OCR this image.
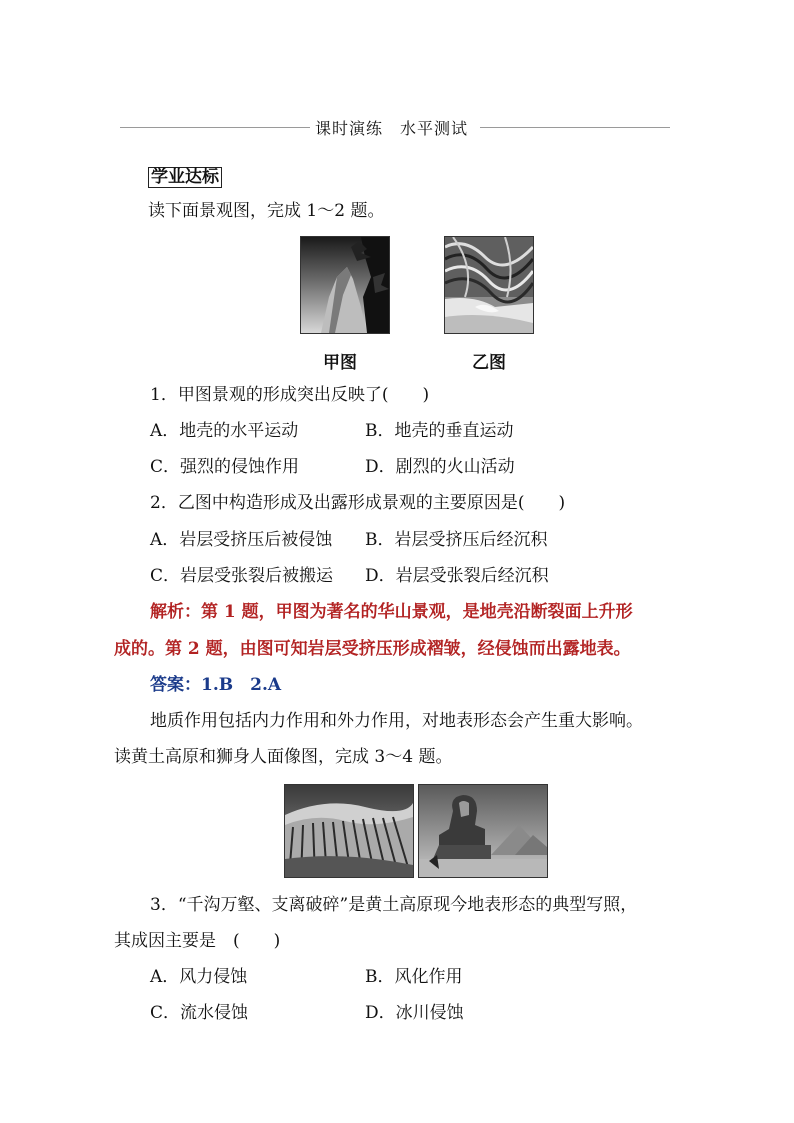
课时演练　水平测试
学业达标
读下面景观图，完成 1～2 题。
甲图	乙图
1．甲图景观的形成突出反映了(　　)
A．地壳的水平运动	B．地壳的垂直运动
C．强烈的侵蚀作用	D．剧烈的火山活动
2．乙图中构造形成及出露形成景观的主要原因是(　　)
A．岩层受挤压后被侵蚀 B．岩层受挤压后经沉积
C．岩层受张裂后被搬运 D．岩层受张裂后经沉积
解析：第 1 题，甲图为著名的华山景观，是地壳沿断裂面上升形
成的。第 2 题，由图可知岩层受挤压形成褶皱，经侵蚀而出露地表。
答案：1.B　2.A
地质作用包括内力作用和外力作用，对地表形态会产生重大影响。
读黄土高原和狮身人面像图，完成 3～4 题。
3．“千沟万壑、支离破碎”是黄土高原现今地表形态的典型写照，
其成因主要是　(　　)
A．风力侵蚀	B．风化作用
C．流水侵蚀	D．冰川侵蚀
